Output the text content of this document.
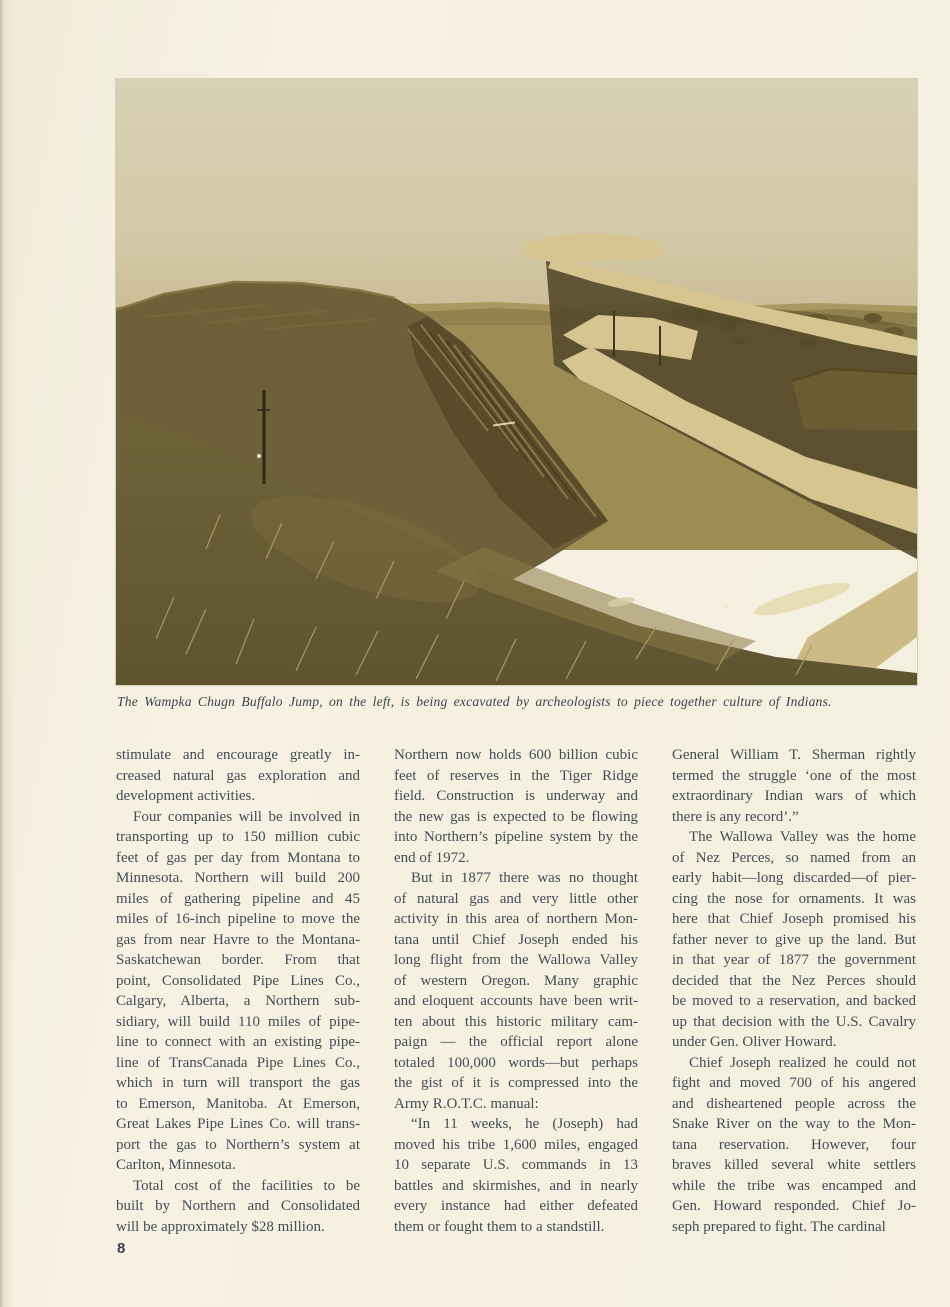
The Wampka Chugn Buffalo Jump, on the left, is being excavated by archeologists to piece together culture of Indians.
stimulate and encourage greatly in-
creased natural gas exploration and
development activities.
Four companies will be involved in
transporting up to 150 million cubic
feet of gas per day from Montana to
Minnesota. Northern will build 200
miles of gathering pipeline and 45
miles of 16-inch pipeline to move the
gas from near Havre to the Montana-
Saskatchewan border. From that
point, Consolidated Pipe Lines Co.,
Calgary, Alberta, a Northern sub-
sidiary, will build 110 miles of pipe-
line to connect with an existing pipe-
line of TransCanada Pipe Lines Co.,
which in turn will transport the gas
to Emerson, Manitoba. At Emerson,
Great Lakes Pipe Lines Co. will trans-
port the gas to Northern’s system at
Carlton, Minnesota.
Total cost of the facilities to be
built by Northern and Consolidated
will be approximately $28 million.
Northern now holds 600 billion cubic
feet of reserves in the Tiger Ridge
field. Construction is underway and
the new gas is expected to be flowing
into Northern’s pipeline system by the
end of 1972.
But in 1877 there was no thought
of natural gas and very little other
activity in this area of northern Mon-
tana until Chief Joseph ended his
long flight from the Wallowa Valley
of western Oregon. Many graphic
and eloquent accounts have been writ-
ten about this historic military cam-
paign — the official report alone
totaled 100,000 words—but perhaps
the gist of it is compressed into the
Army R.O.T.C. manual:
“In 11 weeks, he (Joseph) had
moved his tribe 1,600 miles, engaged
10 separate U.S. commands in 13
battles and skirmishes, and in nearly
every instance had either defeated
them or fought them to a standstill.
General William T. Sherman rightly
termed the struggle ‘one of the most
extraordinary Indian wars of which
there is any record’.”
The Wallowa Valley was the home
of Nez Perces, so named from an
early habit—long discarded—of pier-
cing the nose for ornaments. It was
here that Chief Joseph promised his
father never to give up the land. But
in that year of 1877 the government
decided that the Nez Perces should
be moved to a reservation, and backed
up that decision with the U.S. Cavalry
under Gen. Oliver Howard.
Chief Joseph realized he could not
fight and moved 700 of his angered
and disheartened people across the
Snake River on the way to the Mon-
tana reservation. However, four
braves killed several white settlers
while the tribe was encamped and
Gen. Howard responded. Chief Jo-
seph prepared to fight. The cardinal
8
